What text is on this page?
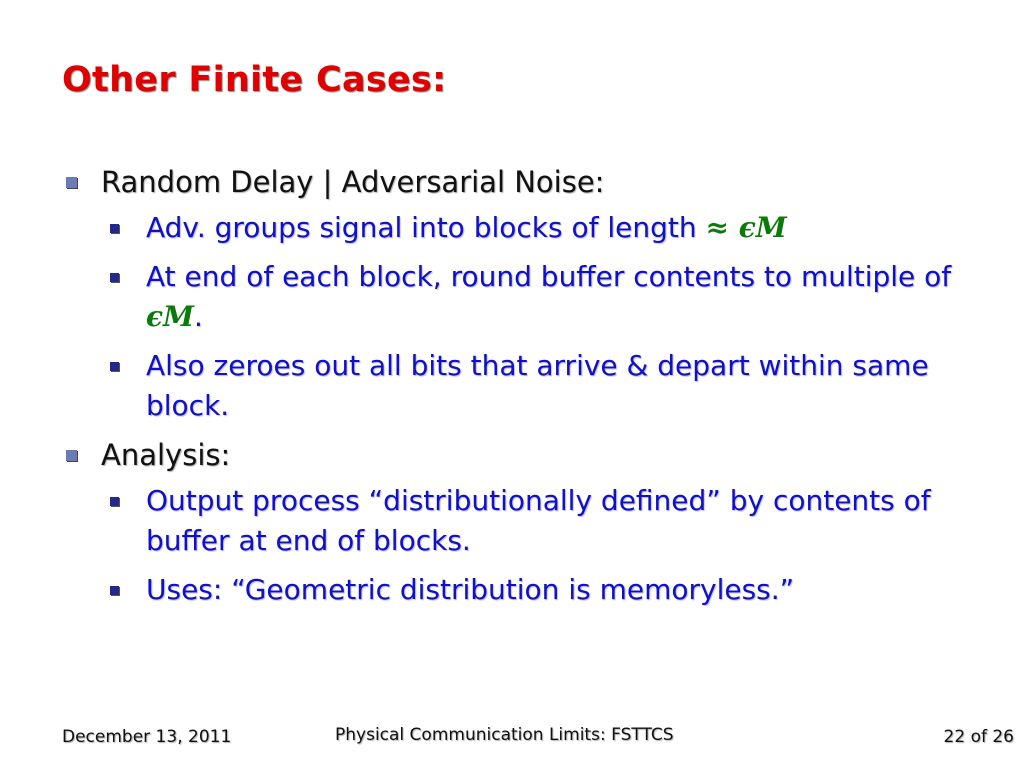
Other Finite Cases:
Random Delay | Adversarial Noise:
Adv. groups signal into blocks of length ≈ ϵM
At end of each block, round buffer contents to multiple of ϵM.
Also zeroes out all bits that arrive & depart within same block.
Analysis:
Output process “distributionally defined” by contents of buffer at end of blocks.
Uses: “Geometric distribution is memoryless.”
December 13, 2011	Physical Communication Limits: FSTTCS	22 of 26
